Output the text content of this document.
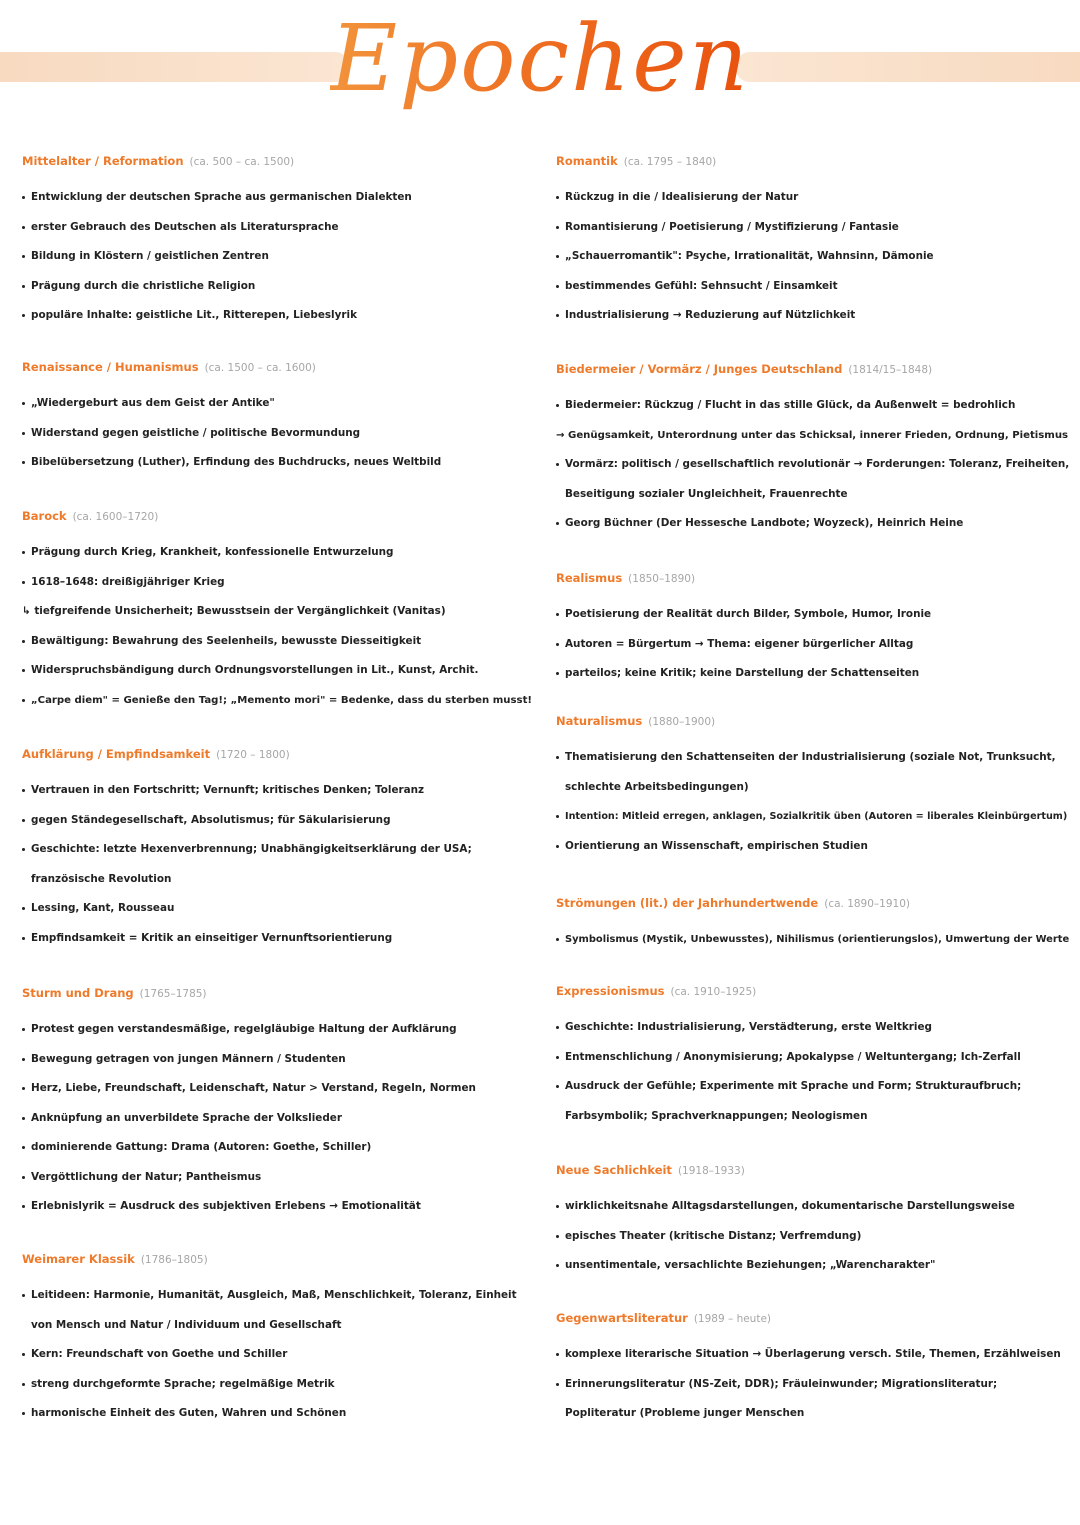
Epochen
Mittelalter / Reformation (ca. 500 – ca. 1500)
Entwicklung der deutschen Sprache aus germanischen Dialekten
erster Gebrauch des Deutschen als Literatursprache
Bildung in Klöstern / geistlichen Zentren
Prägung durch die christliche Religion
populäre Inhalte: geistliche Lit., Ritterepen, Liebeslyrik
Renaissance / Humanismus (ca. 1500 – ca. 1600)
„Wiedergeburt aus dem Geist der Antike"
Widerstand gegen geistliche / politische Bevormundung
Bibelübersetzung (Luther), Erfindung des Buchdrucks, neues Weltbild
Barock (ca. 1600–1720)
Prägung durch Krieg, Krankheit, konfessionelle Entwurzelung
1618–1648: dreißigjähriger Krieg
↳ tiefgreifende Unsicherheit; Bewusstsein der Vergänglichkeit (Vanitas)
Bewältigung: Bewahrung des Seelenheils, bewusste Diesseitigkeit
Widerspruchsbändigung durch Ordnungsvorstellungen in Lit., Kunst, Archit.
„Carpe diem" = Genieße den Tag!; „Memento mori" = Bedenke, dass du sterben musst!
Aufklärung / Empfindsamkeit (1720 – 1800)
Vertrauen in den Fortschritt; Vernunft; kritisches Denken; Toleranz
gegen Ständegesellschaft, Absolutismus; für Säkularisierung
Geschichte: letzte Hexenverbrennung; Unabhängigkeitserklärung der USA;
französische Revolution
Lessing, Kant, Rousseau
Empfindsamkeit = Kritik an einseitiger Vernunftsorientierung
Sturm und Drang (1765–1785)
Protest gegen verstandesmäßige, regelgläubige Haltung der Aufklärung
Bewegung getragen von jungen Männern / Studenten
Herz, Liebe, Freundschaft, Leidenschaft, Natur > Verstand, Regeln, Normen
Anknüpfung an unverbildete Sprache der Volkslieder
dominierende Gattung: Drama (Autoren: Goethe, Schiller)
Vergöttlichung der Natur; Pantheismus
Erlebnislyrik = Ausdruck des subjektiven Erlebens → Emotionalität
Weimarer Klassik (1786–1805)
Leitideen: Harmonie, Humanität, Ausgleich, Maß, Menschlichkeit, Toleranz, Einheit
von Mensch und Natur / Individuum und Gesellschaft
Kern: Freundschaft von Goethe und Schiller
streng durchgeformte Sprache; regelmäßige Metrik
harmonische Einheit des Guten, Wahren und Schönen
Romantik (ca. 1795 – 1840)
Rückzug in die / Idealisierung der Natur
Romantisierung / Poetisierung / Mystifizierung / Fantasie
„Schauerromantik": Psyche, Irrationalität, Wahnsinn, Dämonie
bestimmendes Gefühl: Sehnsucht / Einsamkeit
Industrialisierung → Reduzierung auf Nützlichkeit
Biedermeier / Vormärz / Junges Deutschland (1814/15–1848)
Biedermeier: Rückzug / Flucht in das stille Glück, da Außenwelt = bedrohlich
→ Genügsamkeit, Unterordnung unter das Schicksal, innerer Frieden, Ordnung, Pietismus
Vormärz: politisch / gesellschaftlich revolutionär → Forderungen: Toleranz, Freiheiten,
Beseitigung sozialer Ungleichheit, Frauenrechte
Georg Büchner (Der Hessesche Landbote; Woyzeck), Heinrich Heine
Realismus (1850–1890)
Poetisierung der Realität durch Bilder, Symbole, Humor, Ironie
Autoren = Bürgertum → Thema: eigener bürgerlicher Alltag
parteilos; keine Kritik; keine Darstellung der Schattenseiten
Naturalismus (1880–1900)
Thematisierung den Schattenseiten der Industrialisierung (soziale Not, Trunksucht,
schlechte Arbeitsbedingungen)
Intention: Mitleid erregen, anklagen, Sozialkritik üben (Autoren = liberales Kleinbürgertum)
Orientierung an Wissenschaft, empirischen Studien
Strömungen (lit.) der Jahrhundertwende (ca. 1890–1910)
Symbolismus (Mystik, Unbewusstes), Nihilismus (orientierungslos), Umwertung der Werte
Expressionismus (ca. 1910–1925)
Geschichte: Industrialisierung, Verstädterung, erste Weltkrieg
Entmenschlichung / Anonymisierung; Apokalypse / Weltuntergang; Ich-Zerfall
Ausdruck der Gefühle; Experimente mit Sprache und Form; Strukturaufbruch;
Farbsymbolik; Sprachverknappungen; Neologismen
Neue Sachlichkeit (1918–1933)
wirklichkeitsnahe Alltagsdarstellungen, dokumentarische Darstellungsweise
episches Theater (kritische Distanz; Verfremdung)
unsentimentale, versachlichte Beziehungen; „Warencharakter"
Gegenwartsliteratur (1989 – heute)
komplexe literarische Situation → Überlagerung versch. Stile, Themen, Erzählweisen
Erinnerungsliteratur (NS-Zeit, DDR); Fräuleinwunder; Migrationsliteratur;
Popliteratur (Probleme junger Menschen
